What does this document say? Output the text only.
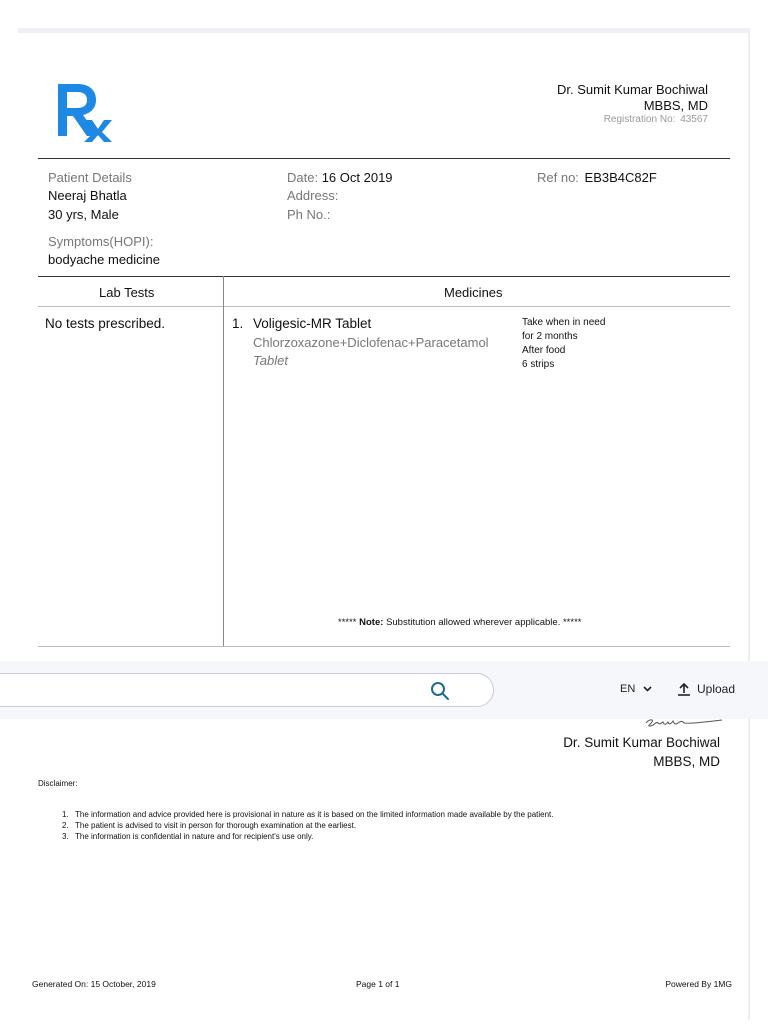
Dr. Sumit Kumar Bochiwal
MBBS, MD
Registration No: 43567
Patient Details
Neeraj Bhatla
30 yrs, Male
Symptoms(HOPI):
bodyache medicine
Date: 16 Oct 2019
Address:
Ph No.:
Ref no: EB3B4C82F
Lab Tests	Medicines
No tests prescribed.	1. Voligesic-MR Tablet
Chlorzoxazone+Diclofenac+Paracetamol
Tablet
Take when in need
for 2 months
After food
6 strips
***** Note: Substitution allowed wherever applicable. *****
EN	Upload
Dr. Sumit Kumar Bochiwal
MBBS, MD
Disclaimer:
1. The information and advice provided here is provisional in nature as it is based on the limited information made available by the patient.
2. The patient is advised to visit in person for thorough examination at the earliest.
3. The information is confidential in nature and for recipient's use only.
Generated On: 15 October, 2019	Page 1 of 1	Powered By 1MG
